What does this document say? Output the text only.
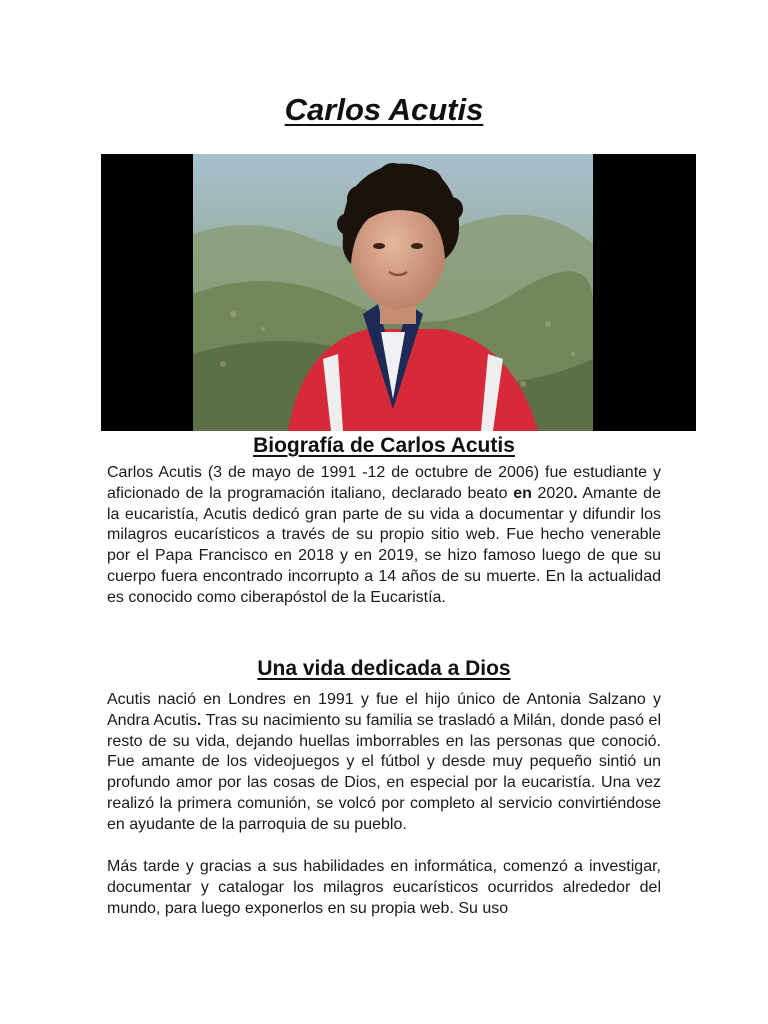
Carlos Acutis
Biografía de Carlos Acutis

Carlos Acutis (3 de mayo de 1991 -12 de octubre de 2006) fue estudiante y aficionado de la programación italiano, declarado beato en 2020. Amante de la eucaristía, Acutis dedicó gran parte de su vida a documentar y difundir los milagros eucarísticos a través de su propio sitio web. Fue hecho venerable por el Papa Francisco en 2018 y en 2019, se hizo famoso luego de que su cuerpo fuera encontrado incorrupto a 14 años de su muerte. En la actualidad es conocido como ciberapóstol de la Eucaristía.

Una vida dedicada a Dios

Acutis nació en Londres en 1991 y fue el hijo único de Antonia Salzano y Andra Acutis. Tras su nacimiento su familia se trasladó a Milán, donde pasó el resto de su vida, dejando huellas imborrables en las personas que conoció. Fue amante de los videojuegos y el fútbol y desde muy pequeño sintió un profundo amor por las cosas de Dios, en especial por la eucaristía. Una vez realizó la primera comunión, se volcó por completo al servicio convirtiéndose en ayudante de la parroquia de su pueblo.

Más tarde y gracias a sus habilidades en informática, comenzó a investigar, documentar y catalogar los milagros eucarísticos ocurridos alrededor del mundo, para luego exponerlos en su propia web. Su uso
